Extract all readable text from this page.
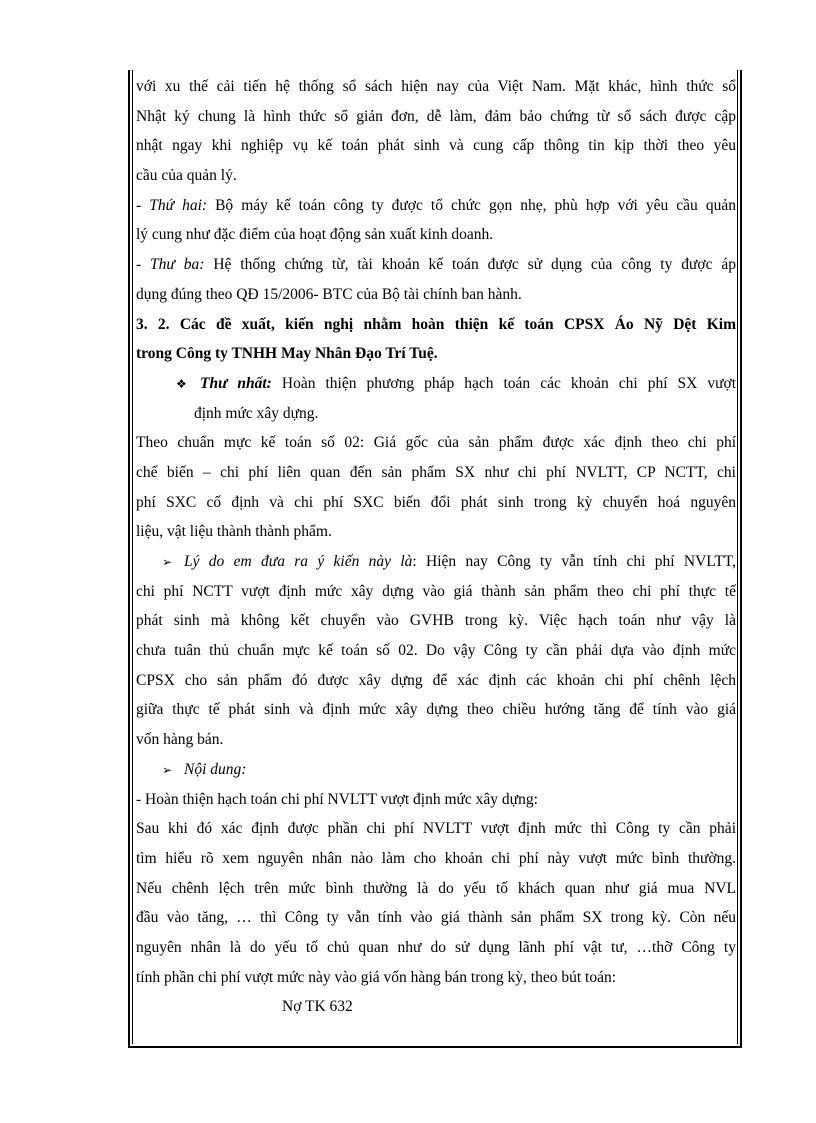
với xu thế cải tiến hệ thống sổ sách hiện nay của Việt Nam. Mặt khác, hình thức sổ
Nhật ký chung là hình thức sổ giản đơn, dễ làm, đảm bảo chứng từ sổ sách được cập
nhật ngay khi nghiệp vụ kế toán phát sinh và cung cấp thông tin kịp thời theo yêu
cầu của quản lý.
- Thứ hai: Bộ máy kế toán công ty được tổ chức gọn nhẹ, phù hợp với yêu cầu quản
lý cung như đặc điểm của hoạt động sản xuất kinh doanh.
- Thư ba: Hệ thống chứng từ, tài khoản kế toán được sử dụng của công ty được áp
dụng đúng theo QĐ 15/2006- BTC của Bộ tài chính ban hành.
3. 2. Các đề xuất, kiến nghị nhằm hoàn thiện kế toán CPSX Áo Nỹ Dệt Kim
trong Công ty TNHH May Nhân Đạo Trí Tuệ.
❖ Thư nhất: Hoàn thiện phương pháp hạch toán các khoản chi phí SX vượt
định mức xây dựng.
Theo chuẩn mực kế toán số 02: Giá gốc của sản phẩm được xác định theo chi phí
chế biến – chi phí liên quan đến sản phẩm SX như chi phí NVLTT, CP NCTT, chi
phí SXC cố định và chi phí SXC biến đổi phát sinh trong kỳ chuyển hoá nguyên
liệu, vật liệu thành thành phẩm.
➢ Lý do em đưa ra ý kiến này là: Hiện nay Công ty vẫn tính chi phí NVLTT,
chi phí NCTT vượt định mức xây dựng vào giá thành sản phẩm theo chi phí thực tế
phát sinh mà không kết chuyển vào GVHB trong kỳ. Việc hạch toán như vậy là
chưa tuân thủ chuẩn mực kế toán số 02. Do vậy Công ty cần phải dựa vào định mức
CPSX cho sản phẩm đó được xây dựng để xác định các khoản chi phí chênh lệch
giữa thực tế phát sinh và định mức xây dựng theo chiều hướng tăng để tính vào giá
vốn hàng bán.
➢ Nội dung:
- Hoàn thiện hạch toán chi phí NVLTT vượt định mức xây dựng:
Sau khi đó xác định được phần chi phí NVLTT vượt định mức thì Công ty cần phải
tìm hiểu rõ xem nguyên nhân nào làm cho khoản chi phí này vượt mức bình thường.
Nếu chênh lệch trên mức bình thường là do yếu tố khách quan như giá mua NVL
đầu vào tăng, … thì Công ty vẫn tính vào giá thành sản phẩm SX trong kỳ. Còn nếu
nguyên nhân là do yếu tố chủ quan như do sử dụng lãnh phí vật tư, …thỡ Công ty
tính phần chi phí vượt mức này vào giá vốn hàng bán trong kỳ, theo bút toán:
Nợ TK 632
